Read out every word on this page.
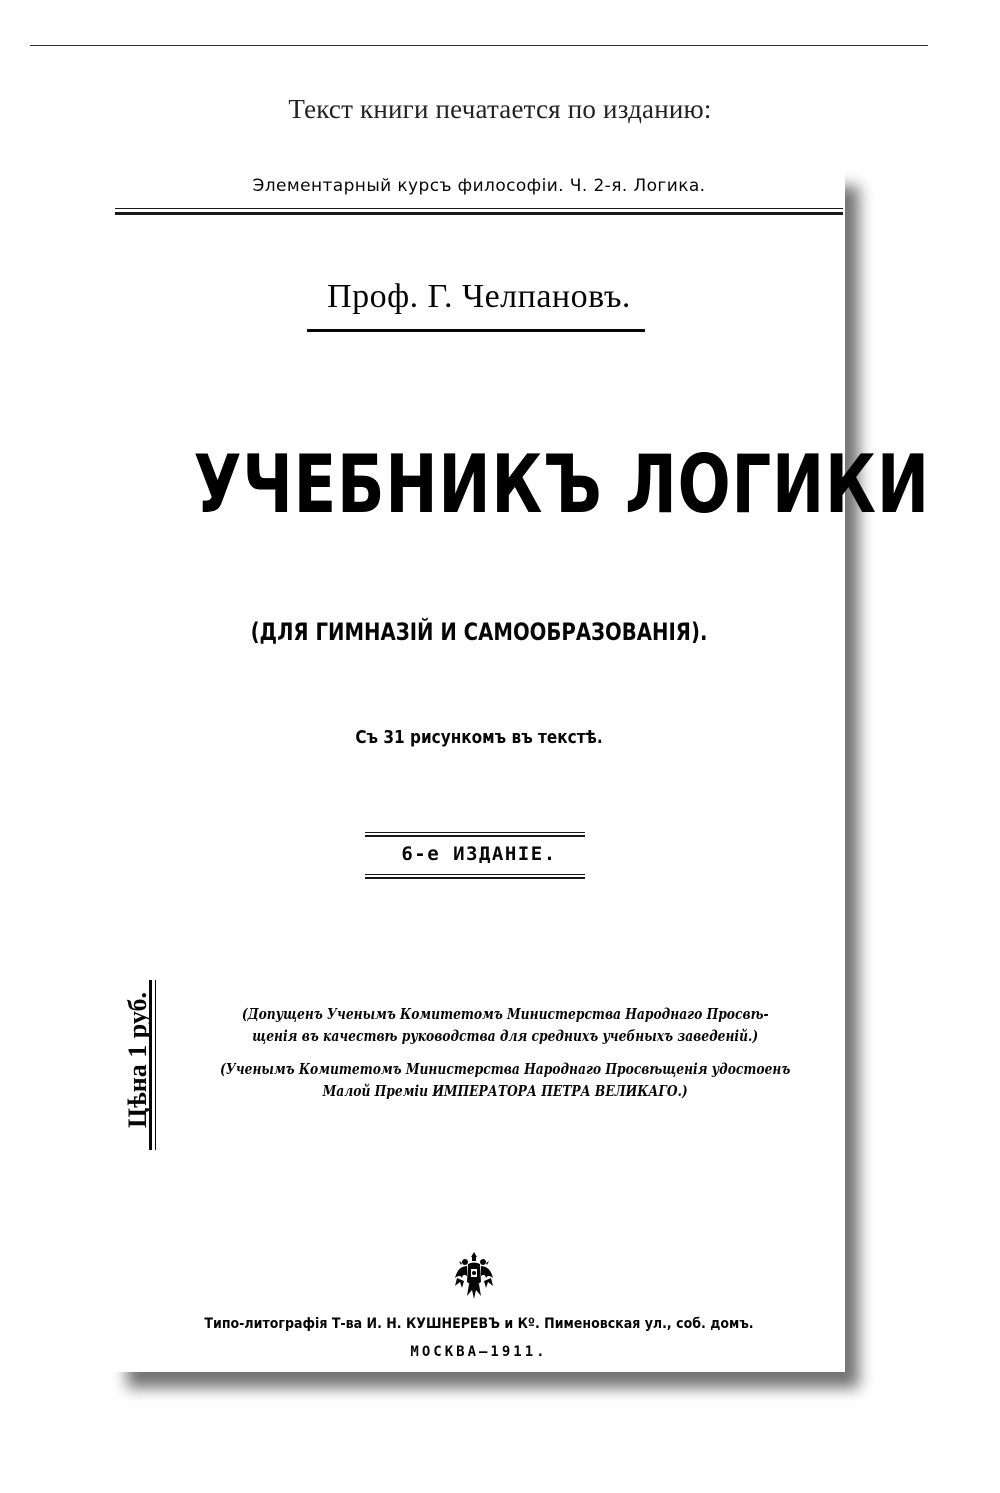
Текст книги печатается по изданию:
Элементарный курсъ философіи. Ч. 2-я. Логика.
Проф. Г. Челпановъ.
УЧЕБНИКЪ ЛОГИКИ
(ДЛЯ ГИМНАЗІЙ И САМООБРАЗОВАНІЯ).
Съ 31 рисункомъ въ текстѣ.
6-е ИЗДАНІЕ.
Цѣна 1 руб.	(Допущенъ Ученымъ Комитетомъ Министерства Народнаго Просвѣ-
щенія въ качествѣ руководства для среднихъ учебныхъ заведеній.)
(Ученымъ Комитетомъ Министерства Народнаго Просвѣщенія удостоенъ
Малой Преміи ИМПЕРАТОРА ПЕТРА ВЕЛИКАГО.)
Типо-литографія Т-ва И. Н. КУШНЕРЕВЪ и Кº. Пименовская ул., соб. домъ.
МОСКВА—1911.
